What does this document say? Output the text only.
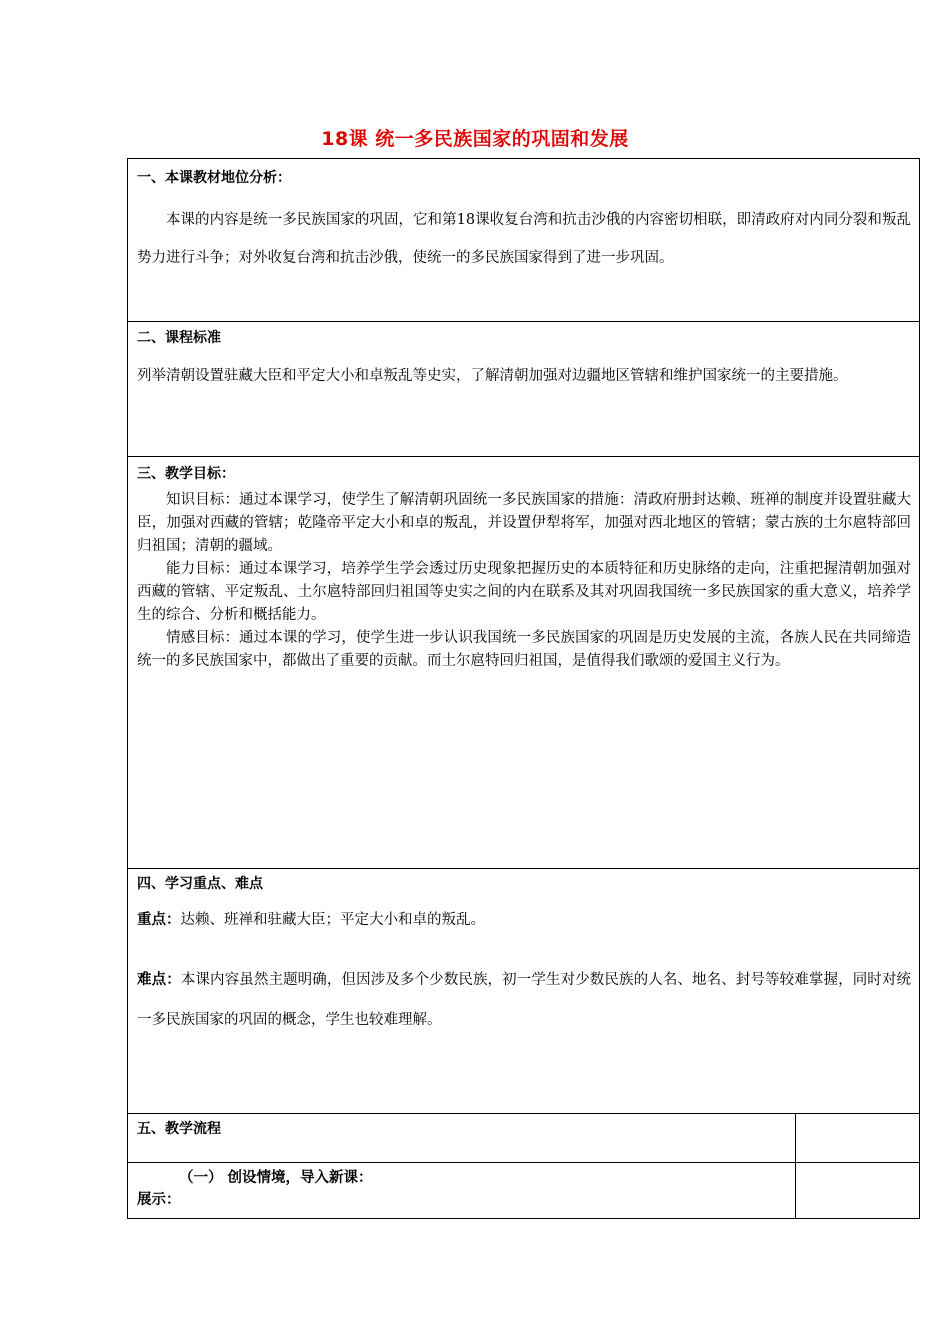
18课 统一多民族国家的巩固和发展
一、本课教材地位分析：
本课的内容是统一多民族国家的巩固，它和第18课收复台湾和抗击沙俄的内容密切相联，即清政府对内同分裂和叛乱势力进行斗争；对外收复台湾和抗击沙俄，使统一的多民族国家得到了进一步巩固。
二、课程标准
列举清朝设置驻藏大臣和平定大小和卓叛乱等史实，了解清朝加强对边疆地区管辖和维护国家统一的主要措施。
三、教学目标：
知识目标：通过本课学习，使学生了解清朝巩固统一多民族国家的措施：清政府册封达赖、班禅的制度并设置驻藏大臣，加强对西藏的管辖；乾隆帝平定大小和卓的叛乱，并设置伊犁将军，加强对西北地区的管辖；蒙古族的土尔扈特部回归祖国；清朝的疆域。
能力目标：通过本课学习，培养学生学会透过历史现象把握历史的本质特征和历史脉络的走向，注重把握清朝加强对西藏的管辖、平定叛乱、土尔扈特部回归祖国等史实之间的内在联系及其对巩固我国统一多民族国家的重大意义，培养学生的综合、分析和概括能力。
情感目标：通过本课的学习，使学生进一步认识我国统一多民族国家的巩固是历史发展的主流，各族人民在共同缔造统一的多民族国家中，都做出了重要的贡献。而土尔扈特回归祖国，是值得我们歌颂的爱国主义行为。
四、学习重点、难点
重点：达赖、班禅和驻藏大臣；平定大小和卓的叛乱。
难点：本课内容虽然主题明确，但因涉及多个少数民族，初一学生对少数民族的人名、地名、封号等较难掌握，同时对统一多民族国家的巩固的概念，学生也较难理解。
五、教学流程
（一） 创设情境，导入新课：
展示：
